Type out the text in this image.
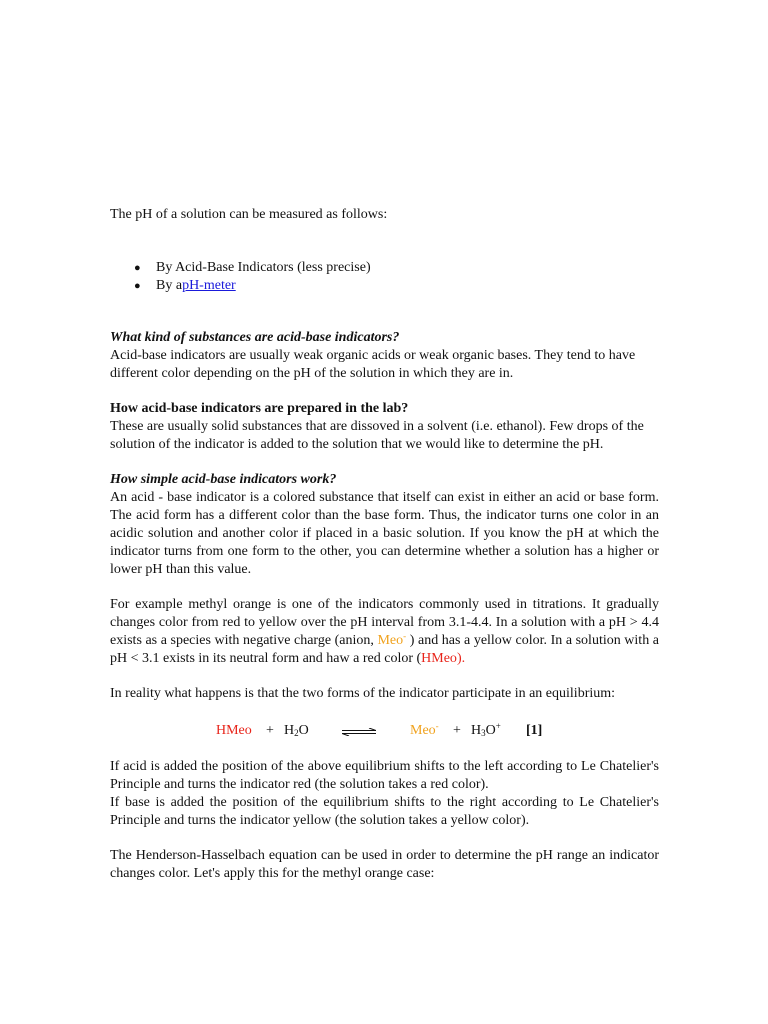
The pH of a solution can be measured as follows:

● By Acid-Base Indicators (less precise)
● By apH-meter

What kind of substances are acid-base indicators?

Acid-base indicators are usually weak organic acids or weak organic bases. They tend to have different color depending on the pH of the solution in which they are in.

How acid-base indicators are prepared in the lab?

These are usually solid substances that are dissoved in a solvent (i.e. ethanol). Few drops of the solution of the indicator is added to the solution that we would like to determine the pH.

How simple acid-base indicators work?

An acid - base indicator is a colored substance that itself can exist in either an acid or base form. The acid form has a different color than the base form. Thus, the indicator turns one color in an acidic solution and another color if placed in a basic solution. If you know the pH at which the indicator turns from one form to the other, you can determine whether a solution has a higher or lower pH than this value.

For example methyl orange is one of the indicators commonly used in titrations. It gradually changes color from red to yellow over the pH interval from 3.1-4.4. In a solution with a pH > 4.4 exists as a species with negative charge (anion, Meo- ) and has a yellow color. In a solution with a pH < 3.1 exists in its neutral form and haw a red color (HMeo).

In reality what happens is that the two forms of the indicator participate in an equilibrium:

HMeo + $H_2O$	$Meo^- + H_3O^+$ [1]

If acid is added the position of the above equilibrium shifts to the left according to Le Chatelier's Principle and turns the indicator red (the solution takes a red color).

If base is added the position of the equilibrium shifts to the right according to Le Chatelier's Principle and turns the indicator yellow (the solution takes a yellow color).

The Henderson-Hasselbach equation can be used in order to determine the pH range an indicator changes color. Let's apply this for the methyl orange case:
